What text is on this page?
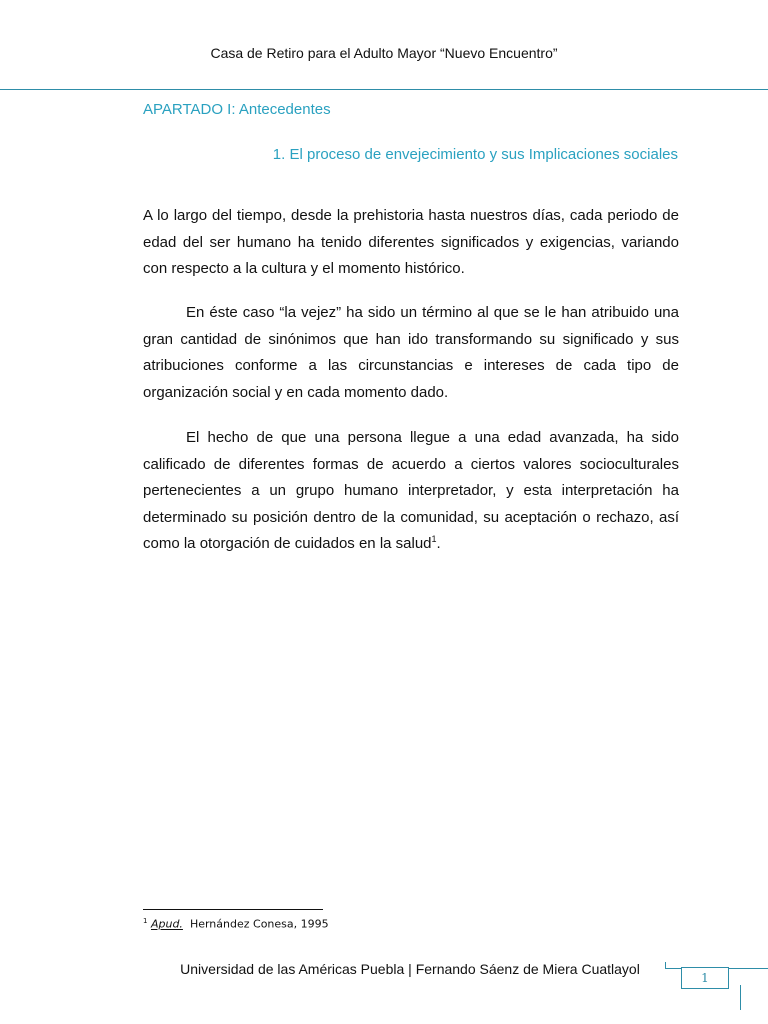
Casa de Retiro para el Adulto Mayor “Nuevo Encuentro”
APARTADO I: Antecedentes
1. El proceso de envejecimiento y sus Implicaciones sociales

A lo largo del tiempo, desde la prehistoria hasta nuestros días, cada periodo de edad del ser humano ha tenido diferentes significados y exigencias, variando con respecto a la cultura y el momento histórico.

En éste caso “la vejez” ha sido un término al que se le han atribuido una gran cantidad de sinónimos que han ido transformando su significado y sus atribuciones conforme a las circunstancias e intereses de cada tipo de organización social y en cada momento dado.

El hecho de que una persona llegue a una edad avanzada, ha sido calificado de diferentes formas de acuerdo a ciertos valores socioculturales pertenecientes a un grupo humano interpretador, y esta interpretación ha determinado su posición dentro de la comunidad, su aceptación o rechazo, así como la otorgación de cuidados en la salud$^1$.

$^1$ Apud. Hernández Conesa, 1995
Universidad de las Américas Puebla | Fernando Sáenz de Miera Cuatlayol
1
